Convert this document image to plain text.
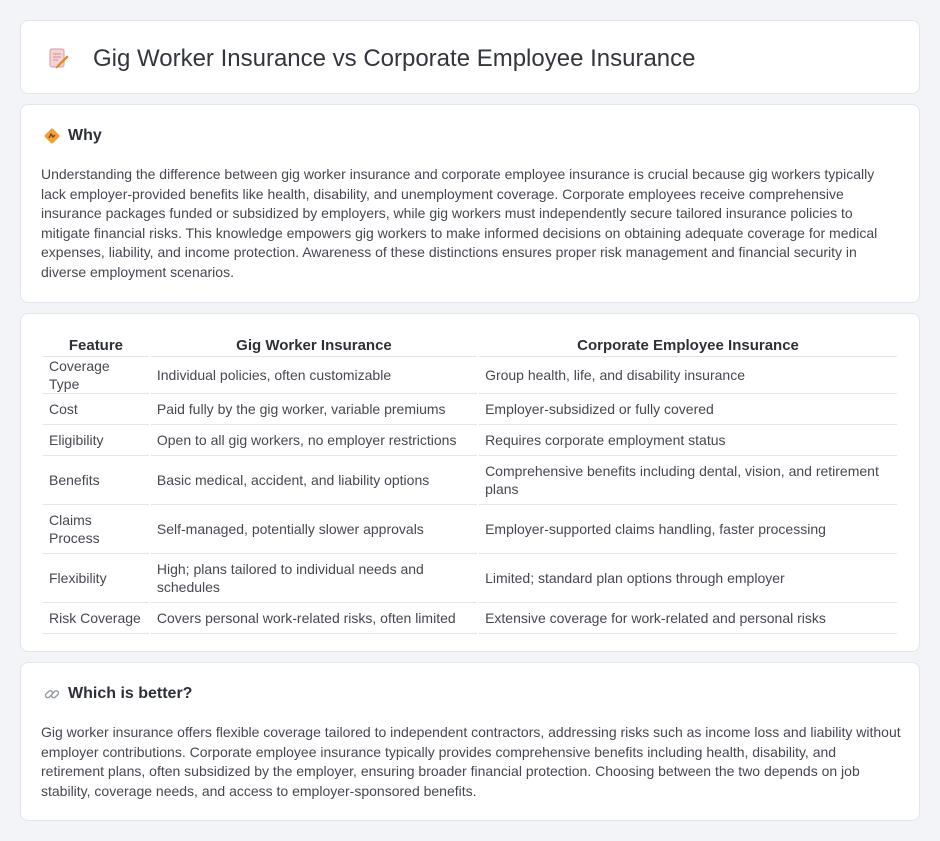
Gig Worker Insurance vs Corporate Employee Insurance
Why

Understanding the difference between gig worker insurance and corporate employee insurance is crucial because gig workers typically lack employer-provided benefits like health, disability, and unemployment coverage. Corporate employees receive comprehensive insurance packages funded or subsidized by employers, while gig workers must independently secure tailored insurance policies to mitigate financial risks. This knowledge empowers gig workers to make informed decisions on obtaining adequate coverage for medical expenses, liability, and income protection. Awareness of these distinctions ensures proper risk management and financial security in diverse employment scenarios.

Feature	Gig Worker Insurance	Corporate Employee Insurance
Coverage Type	Individual policies, often customizable	Group health, life, and disability insurance
Cost	Paid fully by the gig worker, variable premiums	Employer-subsidized or fully covered
Eligibility	Open to all gig workers, no employer restrictions	Requires corporate employment status
Benefits	Basic medical, accident, and liability options	Comprehensive benefits including dental, vision, and retirement plans
Claims Process	Self-managed, potentially slower approvals	Employer-supported claims handling, faster processing
Flexibility	High; plans tailored to individual needs and schedules	Limited; standard plan options through employer
Risk Coverage	Covers personal work-related risks, often limited	Extensive coverage for work-related and personal risks
Which is better?

Gig worker insurance offers flexible coverage tailored to independent contractors, addressing risks such as income loss and liability without employer contributions. Corporate employee insurance typically provides comprehensive benefits including health, disability, and retirement plans, often subsidized by the employer, ensuring broader financial protection. Choosing between the two depends on job stability, coverage needs, and access to employer-sponsored benefits.
